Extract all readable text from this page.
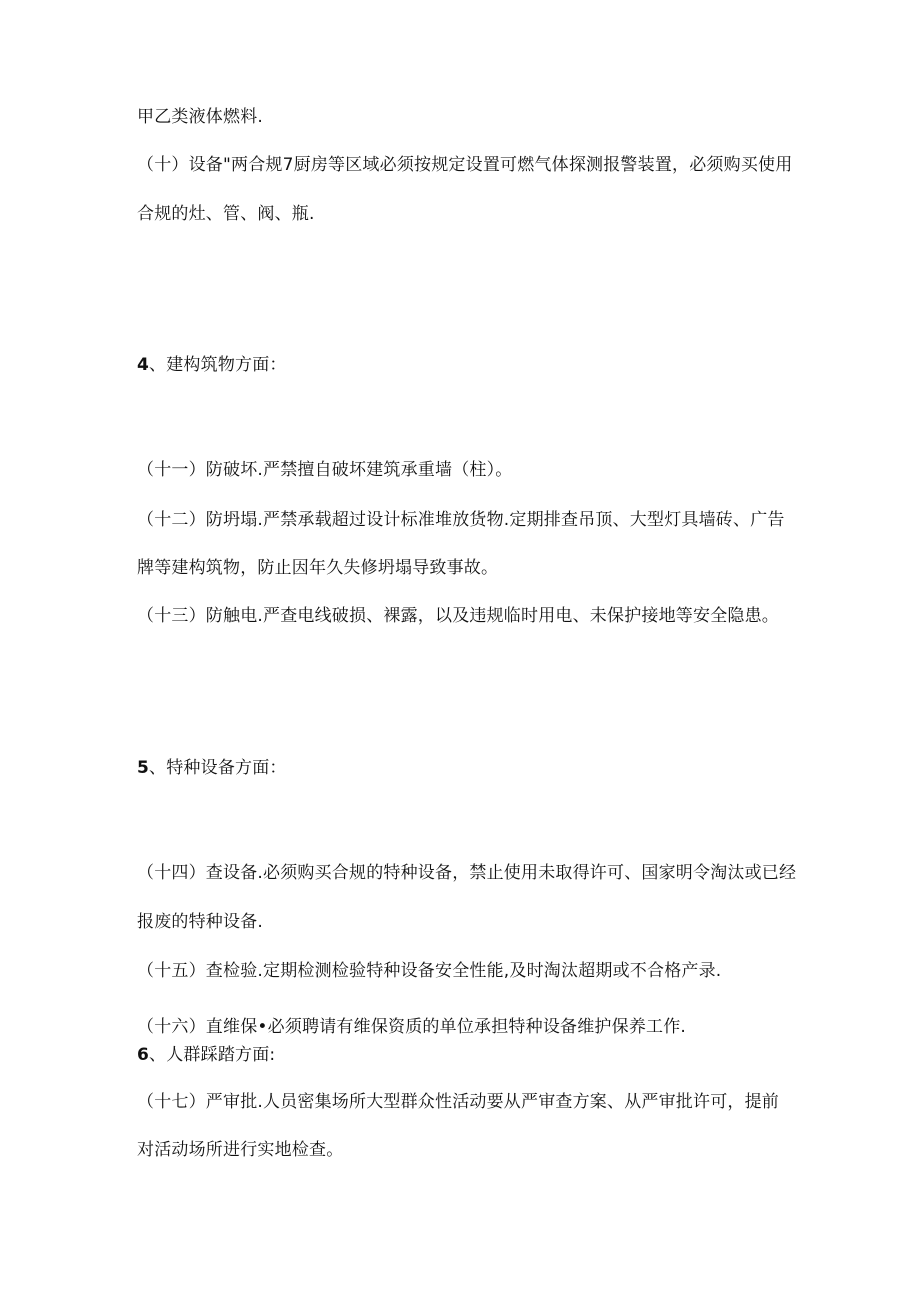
甲乙类液体燃料.
（十）设备"两合规7厨房等区域必须按规定设置可燃气体探测报警装置，必须购买使用
合规的灶、管、阀、瓶.
4、建构筑物方面：
（十一）防破坏.严禁擅自破坏建筑承重墙（柱）。
（十二）防坍塌.严禁承载超过设计标准堆放货物.定期排查吊顶、大型灯具墙砖、广告
牌等建构筑物，防止因年久失修坍塌导致事故。
（十三）防触电.严查电线破损、裸露，以及违规临时用电、未保护接地等安全隐患。
5、特种设备方面：
（十四）查设备.必须购买合规的特种设备，禁止使用未取得许可、国家明令淘汰或已经
报废的特种设备.
（十五）查检验.定期检测检验特种设备安全性能,及时淘汰超期或不合格产录.
（十六）直维保•必须聘请有维保资质的单位承担特种设备维护保养工作.
6、人群踩踏方面:
（十七）严审批.人员密集场所大型群众性活动要从严审查方案、从严审批许可，提前
对活动场所进行实地检查。
